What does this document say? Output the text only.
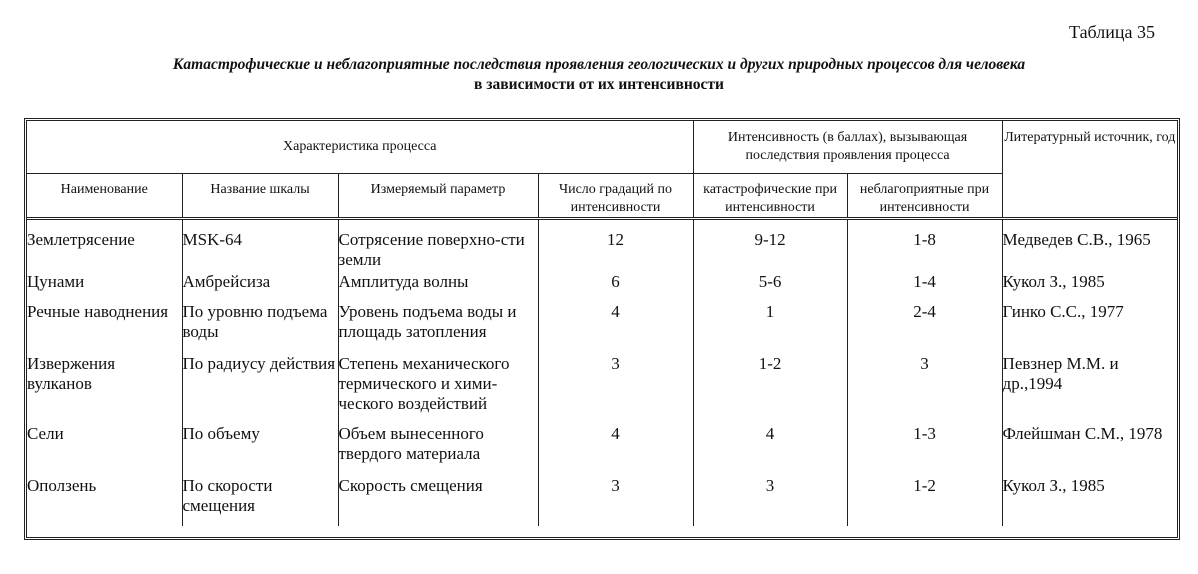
Таблица 35
Катастрофические и неблагоприятные последствия проявления геологических и других природных процессов для человека
в зависимости от их интенсивности
Характеристика процесса				Интенсивность (в баллах), вызывающая последствия проявления процесса		Литературный источник, год
Наименование	Название шкалы	Измеряемый параметр	Число градаций по интенсивности	катастрофические при интенсивности	неблагоприятные при интенсивности	

Землетрясение	MSK-64	Сотрясение поверхно-сти земли	12	9-12	1-8	Медведев С.В., 1965
Цунами	Амбрейсиза	Амплитуда волны	6	5-6	1-4	Кукол З., 1985
Речные наводнения	По уровню подъема воды	Уровень подъема воды и площадь затопления	4	1	2-4	Гинко С.С., 1977
Извержения вулканов	По радиусу действия	Степень механического термического и хими-ческого воздействий	3	1-2	3	Певзнер М.М. и др.,1994
Сели	По объему	Объем вынесенного твердого материала	4	4	1-3	Флейшман С.М., 1978
Оползень	По скорости смещения	Скорость смещения	3	3	1-2	Кукол З., 1985
